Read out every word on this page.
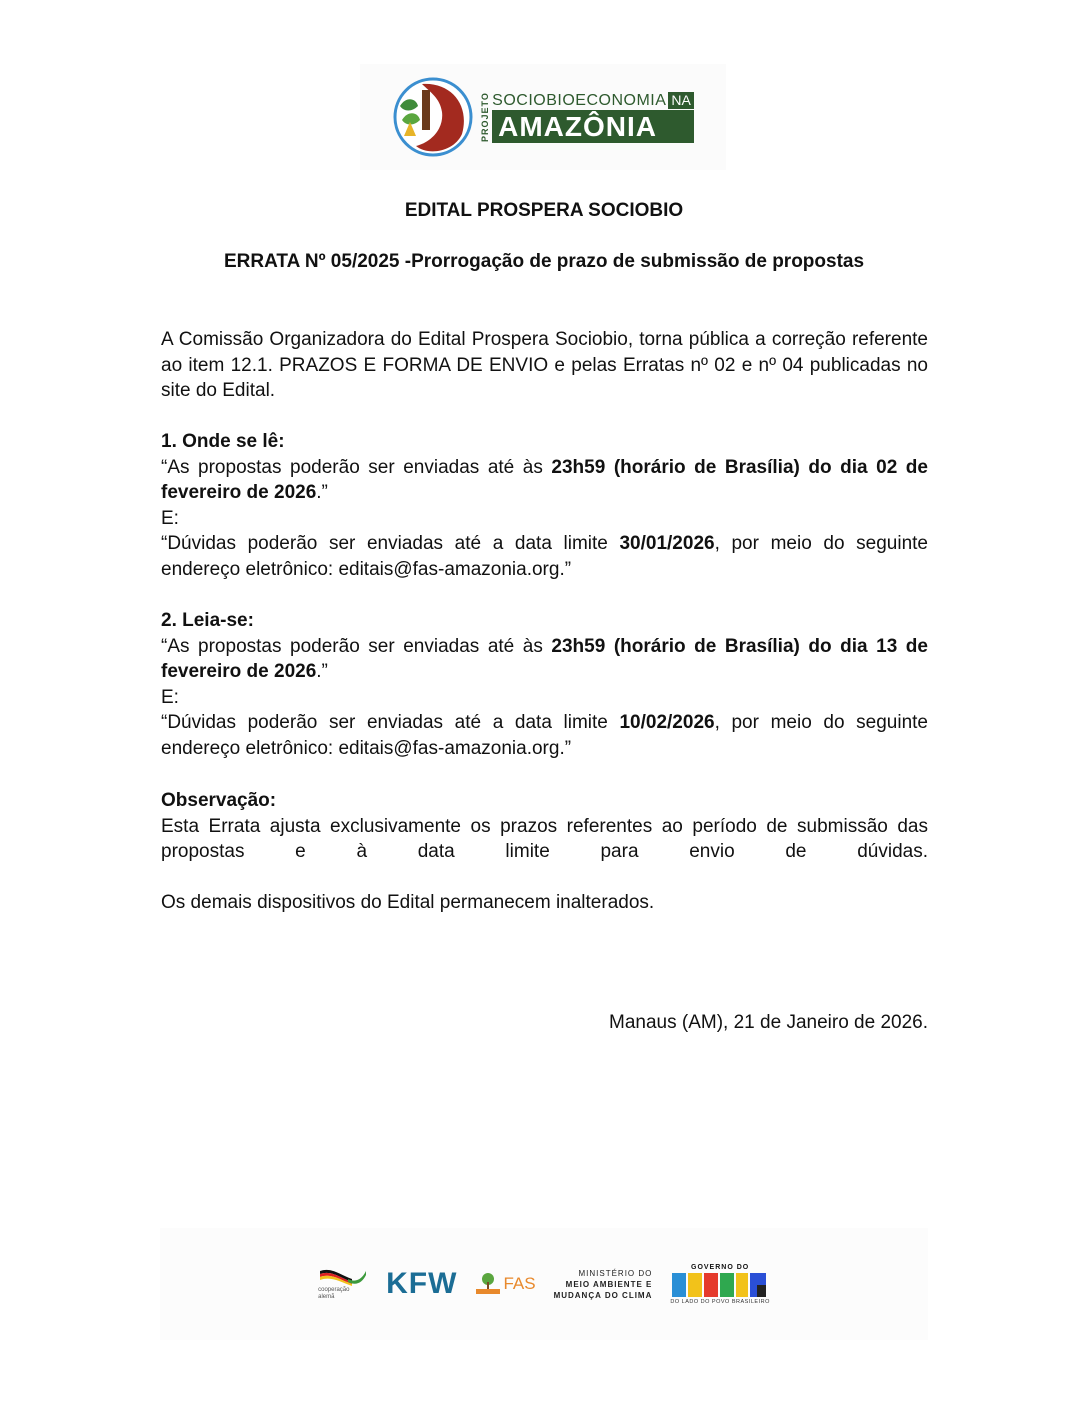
PROJETO SOCIOBIOECONOMIA NA
AMAZÔNIA
EDITAL PROSPERA SOCIOBIO
ERRATA Nº 05/2025 -Prorrogação de prazo de submissão de propostas

A Comissão Organizadora do Edital Prospera Sociobio, torna pública a correção referente ao item 12.1. PRAZOS E FORMA DE ENVIO e pelas Erratas nº 02 e nº 04 publicadas no site do Edital.

1. Onde se lê:

“As propostas poderão ser enviadas até às 23h59 (horário de Brasília) do dia 02 de fevereiro de 2026.”

E:

“Dúvidas poderão ser enviadas até a data limite 30/01/2026, por meio do seguinte endereço eletrônico: editais@fas-amazonia.org.”

2. Leia-se:

“As propostas poderão ser enviadas até às 23h59 (horário de Brasília) do dia 13 de fevereiro de 2026.”

E:

“Dúvidas poderão ser enviadas até a data limite 10/02/2026, por meio do seguinte endereço eletrônico: editais@fas-amazonia.org.”

Observação:

Esta Errata ajusta exclusivamente os prazos referentes ao período de submissão das propostas e à data limite para envio de dúvidas.

Os demais dispositivos do Edital permanecem inalterados.

Manaus (AM), 21 de Janeiro de 2026.
cooperação
alemã KFW	FAS
MINISTÉRIO DO
MEIO AMBIENTE E
MUDANÇA DO CLIMA
GOVERNO DO
DO LADO DO POVO BRASILEIRO
